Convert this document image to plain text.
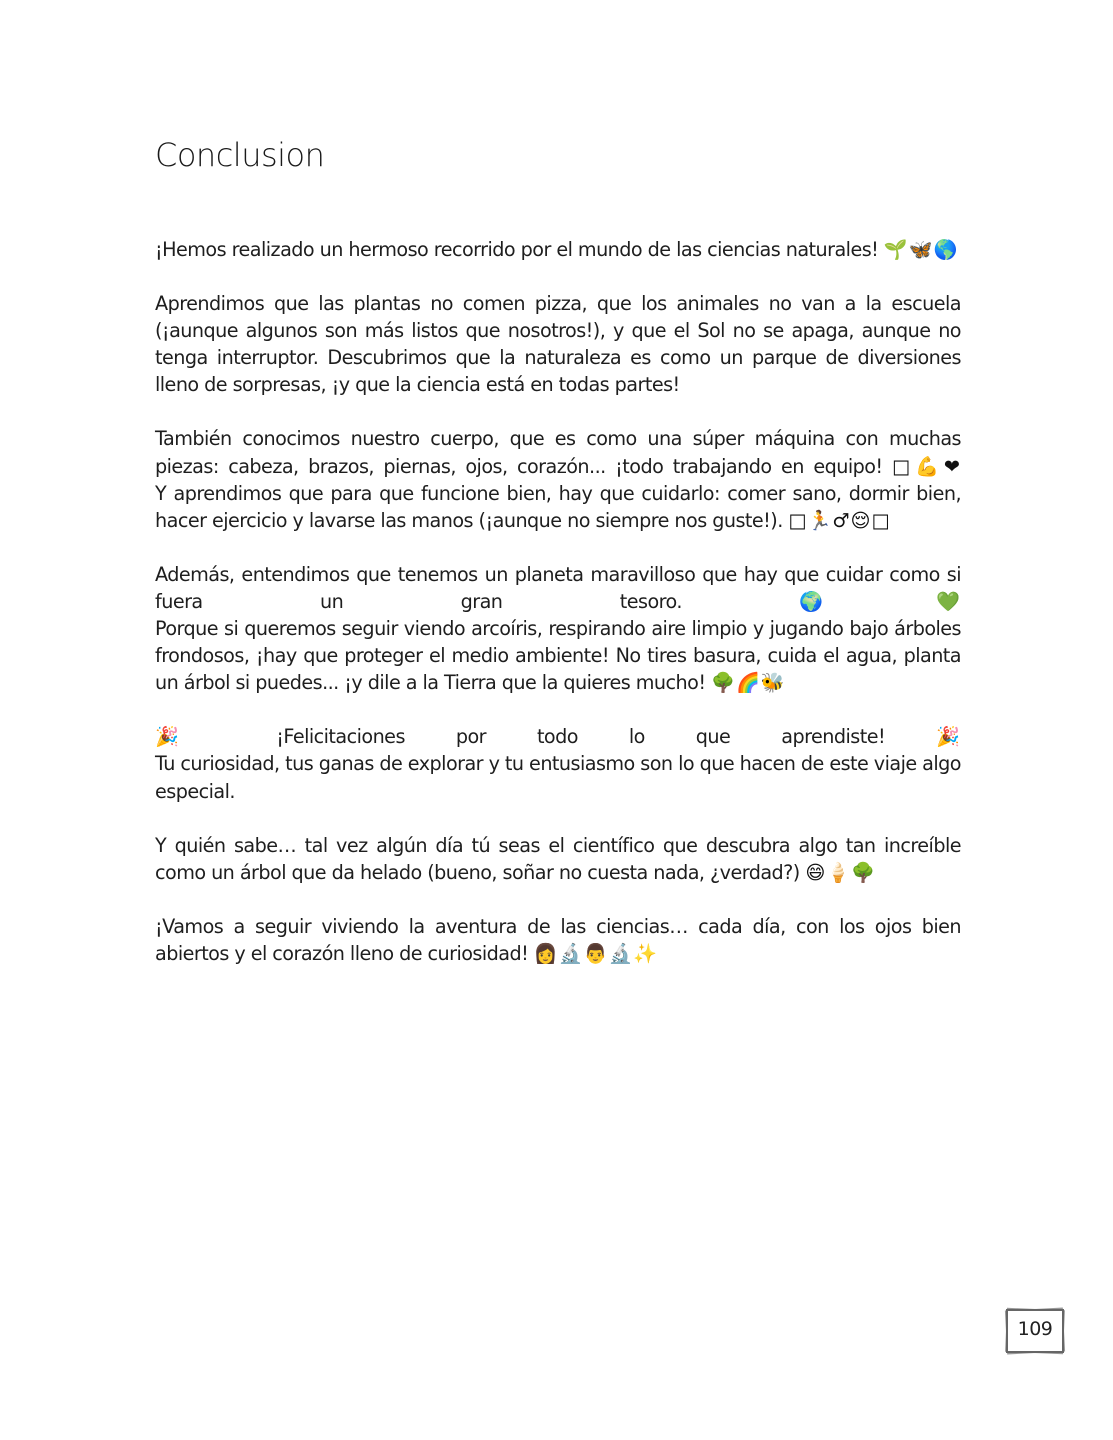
Conclusion

¡Hemos realizado un hermoso recorrido por el mundo de las ciencias naturales! 🌱🦋🌎

Aprendimos que las plantas no comen pizza, que los animales no van a la escuela (¡aunque algunos son más listos que nosotros!), y que el Sol no se apaga, aunque no tenga interruptor. Descubrimos que la naturaleza es como un parque de diversiones lleno de sorpresas, ¡y que la ciencia está en todas partes!

También conocimos nuestro cuerpo, que es como una súper máquina con muchas piezas: cabeza, brazos, piernas, ojos, corazón... ¡todo trabajando en equipo! □💪❤
Y aprendimos que para que funcione bien, hay que cuidarlo: comer sano, dormir bien, hacer ejercicio y lavarse las manos (¡aunque no siempre nos guste!). □🏃♂😌□

Además, entendimos que tenemos un planeta maravilloso que hay que cuidar como si fuera un gran tesoro.	🌍💚
Porque si queremos seguir viendo arcoíris, respirando aire limpio y jugando bajo árboles frondosos, ¡hay que proteger el medio ambiente! No tires basura, cuida el agua, planta un árbol si puedes... ¡y dile a la Tierra que la quieres mucho! 🌳🌈🐝

🎉	¡Felicitaciones por todo lo que aprendiste!	🎉
Tu curiosidad, tus ganas de explorar y tu entusiasmo son lo que hacen de este viaje algo especial.

Y quién sabe… tal vez algún día tú seas el científico que descubra algo tan increíble como un árbol que da helado (bueno, soñar no cuesta nada, ¿verdad?) 😄🍦🌳

¡Vamos a seguir viviendo la aventura de las ciencias… cada día, con los ojos bien abiertos y el corazón lleno de curiosidad! 👩🔬👨🔬✨

109
